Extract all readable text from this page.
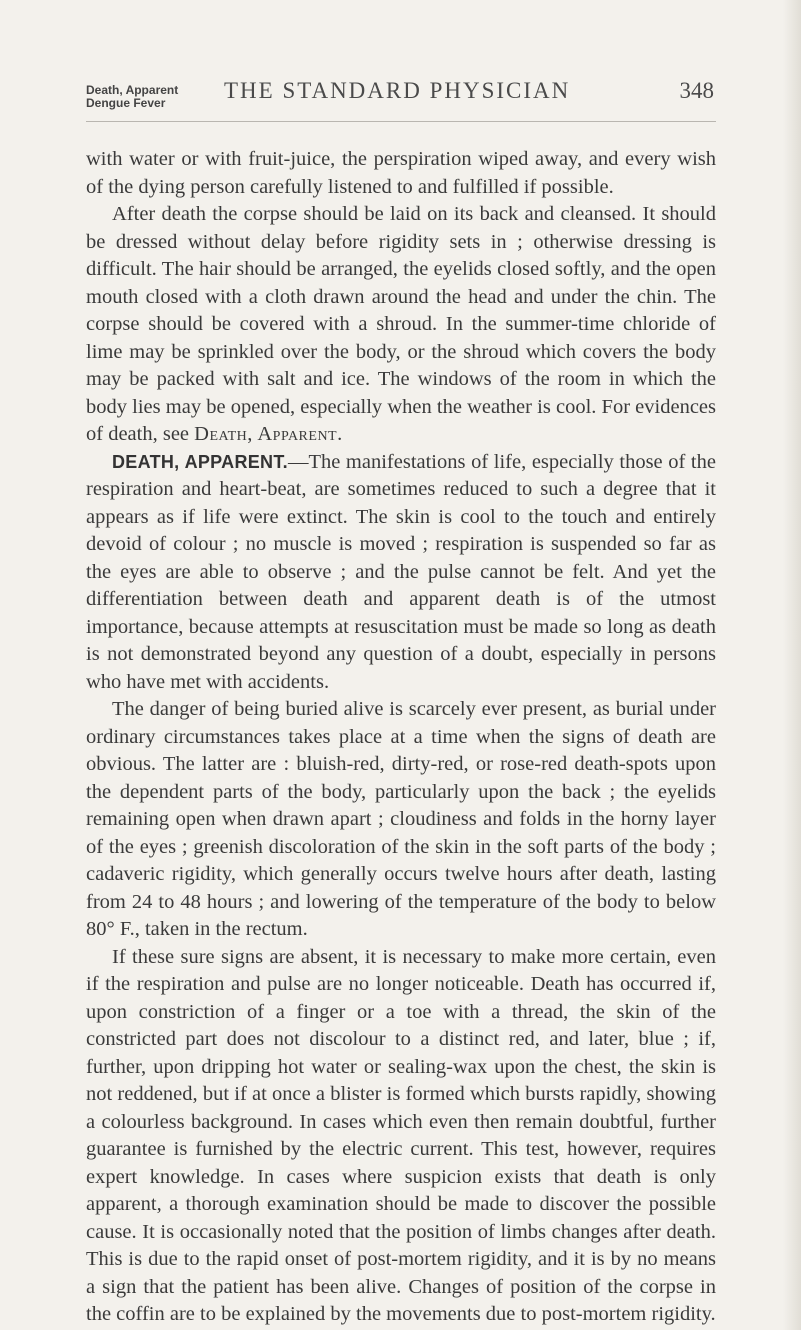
Death, Apparent
Dengue Fever	THE STANDARD PHYSICIAN	348

with water or with fruit-juice, the perspiration wiped away, and every wish of the dying person carefully listened to and fulfilled if possible.

After death the corpse should be laid on its back and cleansed. It should be dressed without delay before rigidity sets in ; otherwise dressing is difficult. The hair should be arranged, the eyelids closed softly, and the open mouth closed with a cloth drawn around the head and under the chin. The corpse should be covered with a shroud. In the summer-time chloride of lime may be sprinkled over the body, or the shroud which covers the body may be packed with salt and ice. The windows of the room in which the body lies may be opened, especially when the weather is cool. For evidences of death, see Death, Apparent.

DEATH, APPARENT.—The manifestations of life, especially those of the respiration and heart-beat, are sometimes reduced to such a degree that it appears as if life were extinct. The skin is cool to the touch and entirely devoid of colour ; no muscle is moved ; respiration is suspended so far as the eyes are able to observe ; and the pulse cannot be felt. And yet the differentiation between death and apparent death is of the utmost importance, because attempts at resuscitation must be made so long as death is not demonstrated beyond any question of a doubt, especially in persons who have met with accidents.

The danger of being buried alive is scarcely ever present, as burial under ordinary circumstances takes place at a time when the signs of death are obvious. The latter are : bluish-red, dirty-red, or rose-red death-spots upon the dependent parts of the body, particularly upon the back ; the eyelids remaining open when drawn apart ; cloudiness and folds in the horny layer of the eyes ; greenish discoloration of the skin in the soft parts of the body ; cadaveric rigidity, which generally occurs twelve hours after death, lasting from 24 to 48 hours ; and lowering of the temperature of the body to below 80° F., taken in the rectum.

If these sure signs are absent, it is necessary to make more certain, even if the respiration and pulse are no longer noticeable. Death has occurred if, upon constriction of a finger or a toe with a thread, the skin of the constricted part does not discolour to a distinct red, and later, blue ; if, further, upon dripping hot water or sealing-wax upon the chest, the skin is not reddened, but if at once a blister is formed which bursts rapidly, showing a colourless background. In cases which even then remain doubtful, further guarantee is furnished by the electric current. This test, however, requires expert knowledge. In cases where suspicion exists that death is only apparent, a thorough examination should be made to discover the possible cause. It is occasionally noted that the position of limbs changes after death. This is due to the rapid onset of post-mortem rigidity, and it is by no means a sign that the patient has been alive. Changes of position of the corpse in the coffin are to be explained by the movements due to post-mortem rigidity.
